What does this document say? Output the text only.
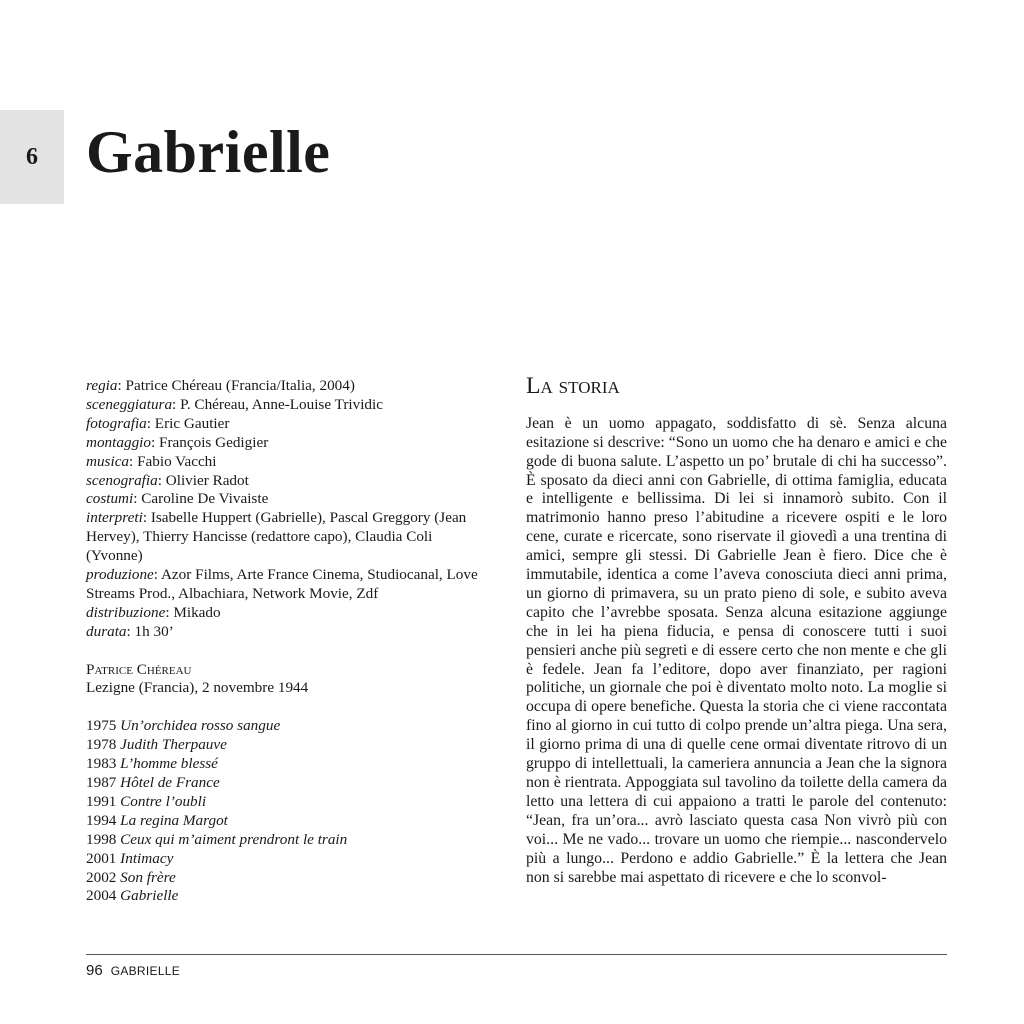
6 Gabrielle
regia: Patrice Chéreau (Francia/Italia, 2004)
sceneggiatura: P. Chéreau, Anne-Louise Trividic
fotografia: Eric Gautier
montaggio: François Gedigier
musica: Fabio Vacchi
scenografia: Olivier Radot
costumi: Caroline De Vivaiste
interpreti: Isabelle Huppert (Gabrielle), Pascal Greggory (Jean Hervey), Thierry Hancisse (redattore capo), Claudia Coli (Yvonne)
produzione: Azor Films, Arte France Cinema, Studiocanal, Love Streams Prod., Albachiara, Network Movie, Zdf
distribuzione: Mikado
durata: 1h 30’
Patrice Chéreau
Lezigne (Francia), 2 novembre 1944
1975 Un’orchidea rosso sangue
1978 Judith Therpauve
1983 L’homme blessé
1987 Hôtel de France
1991 Contre l’oubli
1994 La regina Margot
1998 Ceux qui m’aiment prendront le train
2001 Intimacy
2002 Son frère
2004 Gabrielle
La storia

Jean è un uomo appagato, soddisfatto di sè. Senza alcuna esitazione si descrive: “Sono un uomo che ha denaro e amici e che gode di buona salute. L’aspetto un po’ brutale di chi ha successo”. È sposato da dieci anni con Gabrielle, di ottima famiglia, educata e intelligente e bellissima. Di lei si innamorò subito. Con il matrimonio hanno preso l’abitudine a ricevere ospiti e le loro cene, curate e ricercate, sono riservate il giovedì a una trentina di amici, sempre gli stessi. Di Gabrielle Jean è fiero. Dice che è immutabile, identica a come l’aveva conosciuta dieci anni prima, un giorno di primavera, su un prato pieno di sole, e subito aveva capito che l’avrebbe sposata. Senza alcuna esitazione aggiunge che in lei ha piena fiducia, e pensa di conoscere tutti i suoi pensieri anche più segreti e di essere certo che non mente e che gli è fedele. Jean fa l’editore, dopo aver finanziato, per ragioni politiche, un giornale che poi è diventato molto noto. La moglie si occupa di opere benefiche. Questa la storia che ci viene raccontata fino al giorno in cui tutto di colpo prende un’altra piega. Una sera, il giorno prima di una di quelle cene ormai diventate ritrovo di un gruppo di intellettuali, la cameriera annuncia a Jean che la signora non è rientrata. Appoggiata sul tavolino da toilette della camera da letto una lettera di cui appaiono a tratti le parole del contenuto: “Jean, fra un’ora... avrò lasciato questa casa Non vivrò più con voi... Me ne vado... trovare un uomo che riempie... nascondervelo più a lungo... Perdono e addio Gabrielle.” È la lettera che Jean non si sarebbe mai aspettato di ricevere e che lo sconvol-

96 GABRIELLE
